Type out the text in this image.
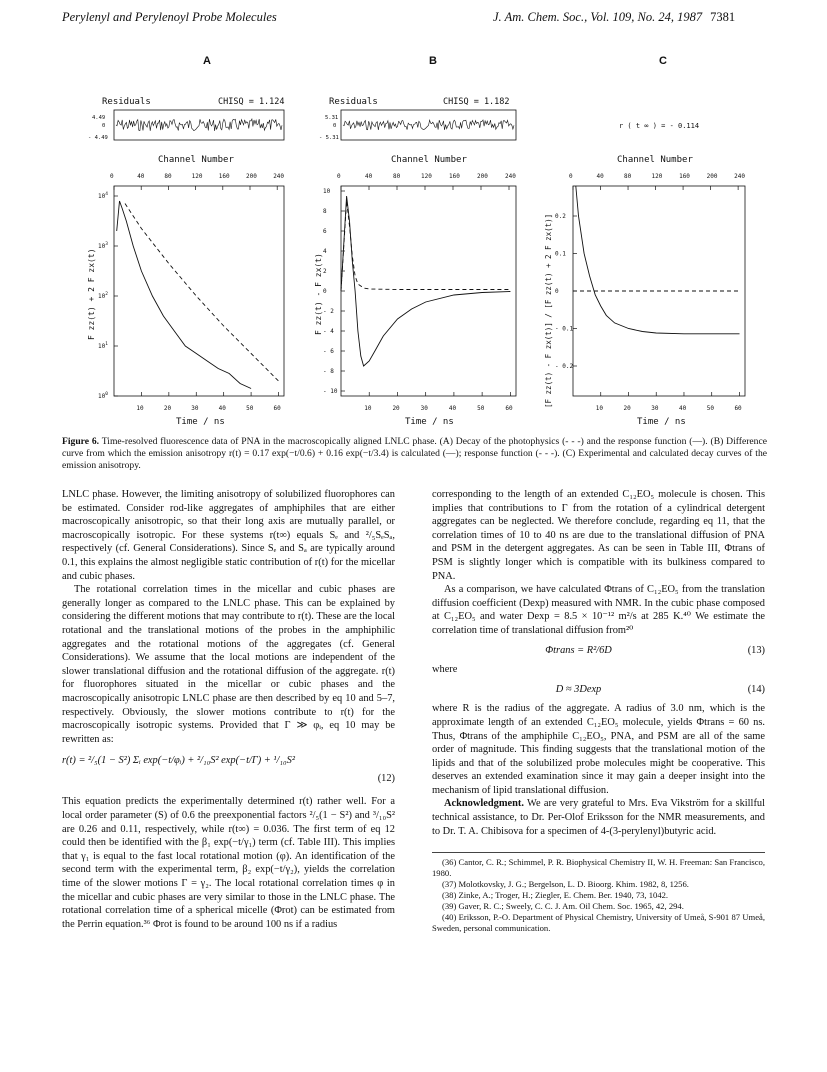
Perylenyl and Perylenoyl Probe Molecules	J. Am. Chem. Soc., Vol. 109, No. 24, 1987 7381
A	B	C
Residuals	CHISQ = 1.124
4.49
0
- 4.49
Channel Number
0	40	80	120	160	200	240
10	20	30	40	50	60
$10^0$
$10^1$
$10^2$
$10^3$
$10^4$
F zz(t) + 2 F zx(t)
Time / ns
Residuals	CHISQ = 1.182
5.31
0
- 5.31
Channel Number
0	40	80	120	160	200	240
10	20	30	40	50	60
10
8
6
4
2
0
- 2
- 4
- 6
- 8
- 10
F zz(t) - F zx(t)
Time / ns
r ( t ∞ ) = - 0.114
Channel Number
0	40	80	120	160	200	240
10	20	30	40	50	60
0.2
0.1
0
- 0.1
- 0.2
[F zz(t) - F zx(t)] / [F zz(t) + 2 F zx(t)]
Time / ns
Figure 6. Time-resolved fluorescence data of PNA in the macroscopically aligned LNLC phase. (A) Decay of the photophysics (- - -) and the response function (—). (B) Difference curve from which the emission anisotropy r(t) = 0.17 exp(−t/0.6) + 0.16 exp(−t/3.4) is calculated (—); response function (- - -). (C) Experimental and calculated decay curves of the emission anisotropy.

LNLC phase. However, the limiting anisotropy of solubilized fluorophores can be estimated. Consider rod-like aggregates of amphiphiles that are either macroscopically anisotropic, so that their long axis are mutually parallel, or macroscopically isotropic. For these systems r(t∞) equals Sₑ and ²/₅SₑSₐ, respectively (cf. General Considerations). Since Sₑ and Sₐ are typically around 0.1, this explains the almost negligible static contribution of r(t) for the micellar and cubic phases.

The rotational correlation times in the micellar and cubic phases are generally longer as compared to the LNLC phase. This can be explained by considering the different motions that may contribute to r(t). These are the local rotational and the translational motions of the probes in the amphiphilic aggregates and the rotational motions of the aggregates (cf. General Considerations). We assume that the local motions are independent of the slower translational diffusion and the rotational diffusion of the aggregate. r(t) for fluorophores situated in the micellar or cubic phases and the macroscopically anisotropic LNLC phase are then described by eq 10 and 5–7, respectively. Obviously, the slower motions contribute to r(t) for the macroscopically isotropic systems. Provided that Γ ≫ φᵢ, eq 10 may be rewritten as:

r(t) = ²/₅(1 − S²) Σᵢ exp(−t/φᵢ) + ²/₁₀S² exp(−t/Γ) + ¹/₁₀S²
(12)

This equation predicts the experimentally determined r(t) rather well. For a local order parameter (S) of 0.6 the preexponential factors ²/₅(1 − S²) and ³/₁₀S² are 0.26 and 0.11, respectively, while r(t∞) = 0.036. The first term of eq 12 could then be identified with the β₁ exp(−t/γ₁) term (cf. Table III). This implies that γ₁ is equal to the fast local rotational motion (φ). An identification of the second term with the experimental term, β₂ exp(−t/γ₂), yields the correlation time of the slower motions Γ = γ₂. The local rotational correlation times φ in the micellar and cubic phases are very similar to those in the LNLC phase. The rotational correlation time of a spherical micelle (Φrot) can be estimated from the Perrin equation.³⁶ Φrot is found to be around 100 ns if a radius

corresponding to the length of an extended C₁₂EO₅ molecule is chosen. This implies that contributions to Γ from the rotation of a cylindrical detergent aggregates can be neglected. We therefore conclude, regarding eq 11, that the correlation times of 10 to 40 ns are due to the translational diffusion of PNA and PSM in the detergent aggregates. As can be seen in Table III, Φtrans of PSM is slightly longer which is compatible with its bulkiness compared to PNA.

As a comparison, we have calculated Φtrans of C₁₂EO₅ from the translation diffusion coefficient (Dexp) measured with NMR. In the cubic phase composed at C₁₂EO₅ and water Dexp = 8.5 × 10⁻¹² m²/s at 285 K.⁴⁰ We estimate the correlation time of translational diffusion from²⁰

Φtrans = R²/6D	(13)

where

D ≈ 3Dexp	(14)

where R is the radius of the aggregate. A radius of 3.0 nm, which is the approximate length of an extended C₁₂EO₅ molecule, yields Φtrans = 60 ns. Thus, Φtrans of the amphiphile C₁₂EO₅, PNA, and PSM are all of the same order of magnitude. This finding suggests that the translational motion of the lipids and that of the solubilized probe molecules might be cooperative. This deserves an extended examination since it may gain a deeper insight into the mechanism of lipid translational diffusion.

Acknowledgment. We are very grateful to Mrs. Eva Vikström for a skillful technical assistance, to Dr. Per-Olof Eriksson for the NMR measurements, and to Dr. T. A. Chibisova for a specimen of 4-(3-perylenyl)butyric acid.

(36) Cantor, C. R.; Schimmel, P. R. Biophysical Chemistry II, W. H. Freeman: San Francisco, 1980.
(37) Molotkovsky, J. G.; Bergelson, L. D. Bioorg. Khim. 1982, 8, 1256.
(38) Zinke, A.; Troger, H.; Ziegler, E. Chem. Ber. 1940, 73, 1042.
(39) Gaver, R. C.; Sweely, C. C. J. Am. Oil Chem. Soc. 1965, 42, 294.
(40) Eriksson, P.-O. Department of Physical Chemistry, University of Umeå, S-901 87 Umeå, Sweden, personal communication.
